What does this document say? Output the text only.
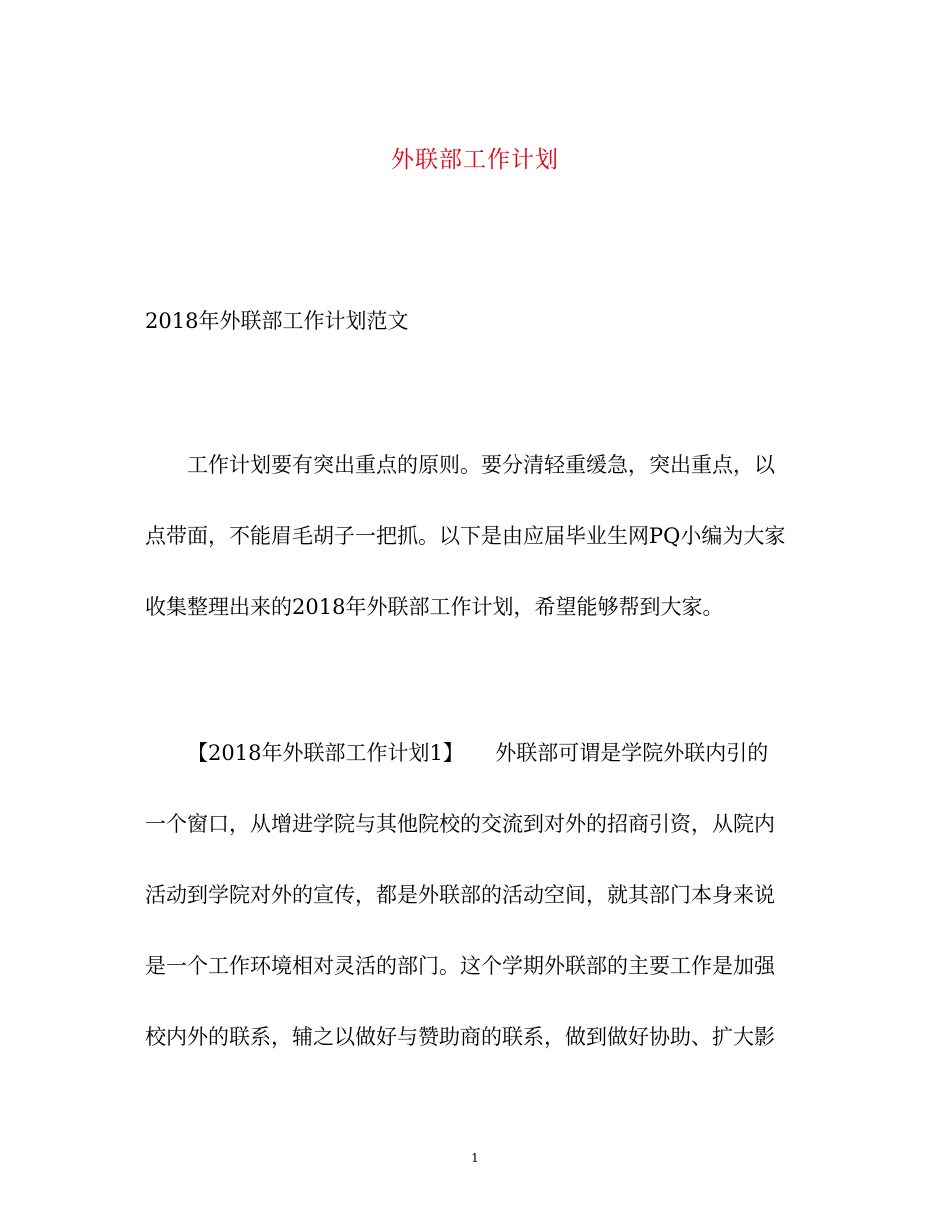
外联部工作计划
2018年外联部工作计划范文
工作计划要有突出重点的原则。要分清轻重缓急，突出重点，以
点带面，不能眉毛胡子一把抓。以下是由应届毕业生网PQ小编为大家
收集整理出来的2018年外联部工作计划，希望能够帮到大家。
【2018年外联部工作计划1】　　外联部可谓是学院外联内引的
一个窗口，从增进学院与其他院校的交流到对外的招商引资，从院内
活动到学院对外的宣传，都是外联部的活动空间，就其部门本身来说
是一个工作环境相对灵活的部门。这个学期外联部的主要工作是加强
校内外的联系，辅之以做好与赞助商的联系，做到做好协助、扩大影
1
